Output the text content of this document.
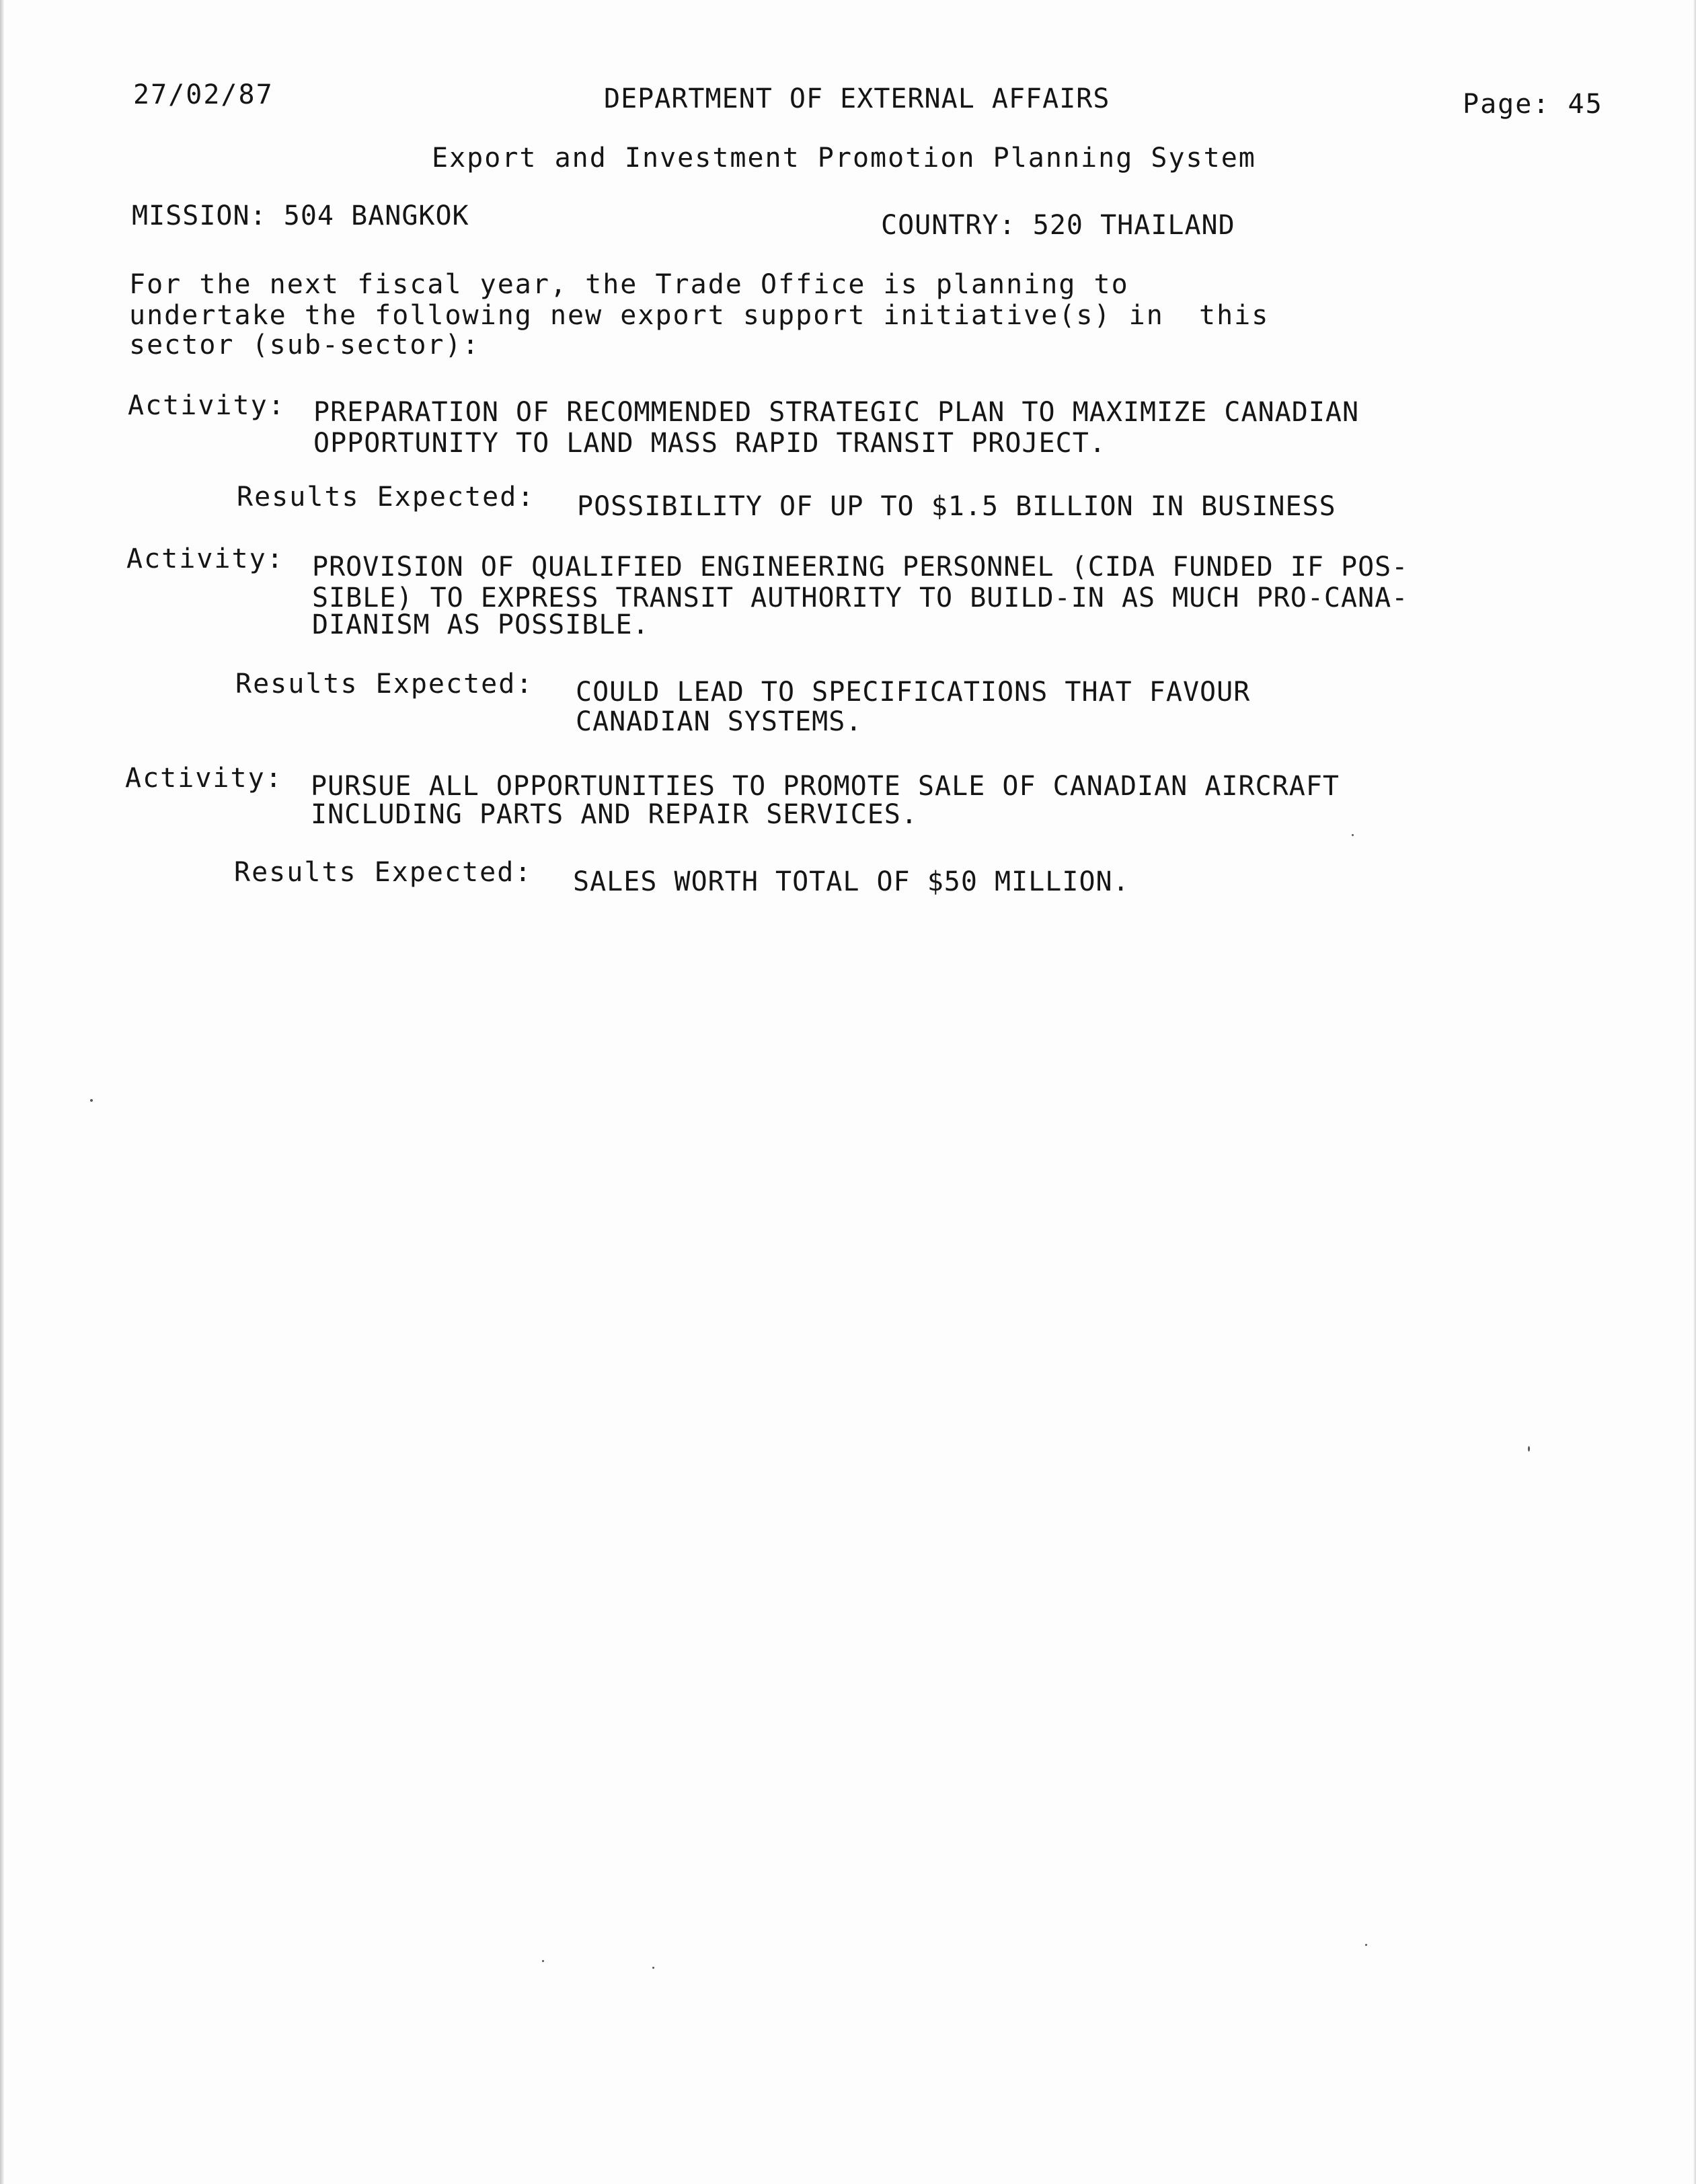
27/02/87	DEPARTMENT OF EXTERNAL AFFAIRS	Page: 45
Export and Investment Promotion Planning System
MISSION: 504 BANGKOK	COUNTRY: 520 THAILAND
For the next fiscal year, the Trade Office is planning to
undertake the following new export support initiative(s) in  this
sector (sub-sector):
Activity: PREPARATION OF RECOMMENDED STRATEGIC PLAN TO MAXIMIZE CANADIAN
OPPORTUNITY TO LAND MASS RAPID TRANSIT PROJECT.
Results Expected: POSSIBILITY OF UP TO $1.5 BILLION IN BUSINESS
Activity: PROVISION OF QUALIFIED ENGINEERING PERSONNEL (CIDA FUNDED IF POS-
SIBLE) TO EXPRESS TRANSIT AUTHORITY TO BUILD-IN AS MUCH PRO-CANA-
DIANISM AS POSSIBLE.
Results Expected: COULD LEAD TO SPECIFICATIONS THAT FAVOUR
CANADIAN SYSTEMS.
Activity: PURSUE ALL OPPORTUNITIES TO PROMOTE SALE OF CANADIAN AIRCRAFT
INCLUDING PARTS AND REPAIR SERVICES.
Results Expected: SALES WORTH TOTAL OF $50 MILLION.
